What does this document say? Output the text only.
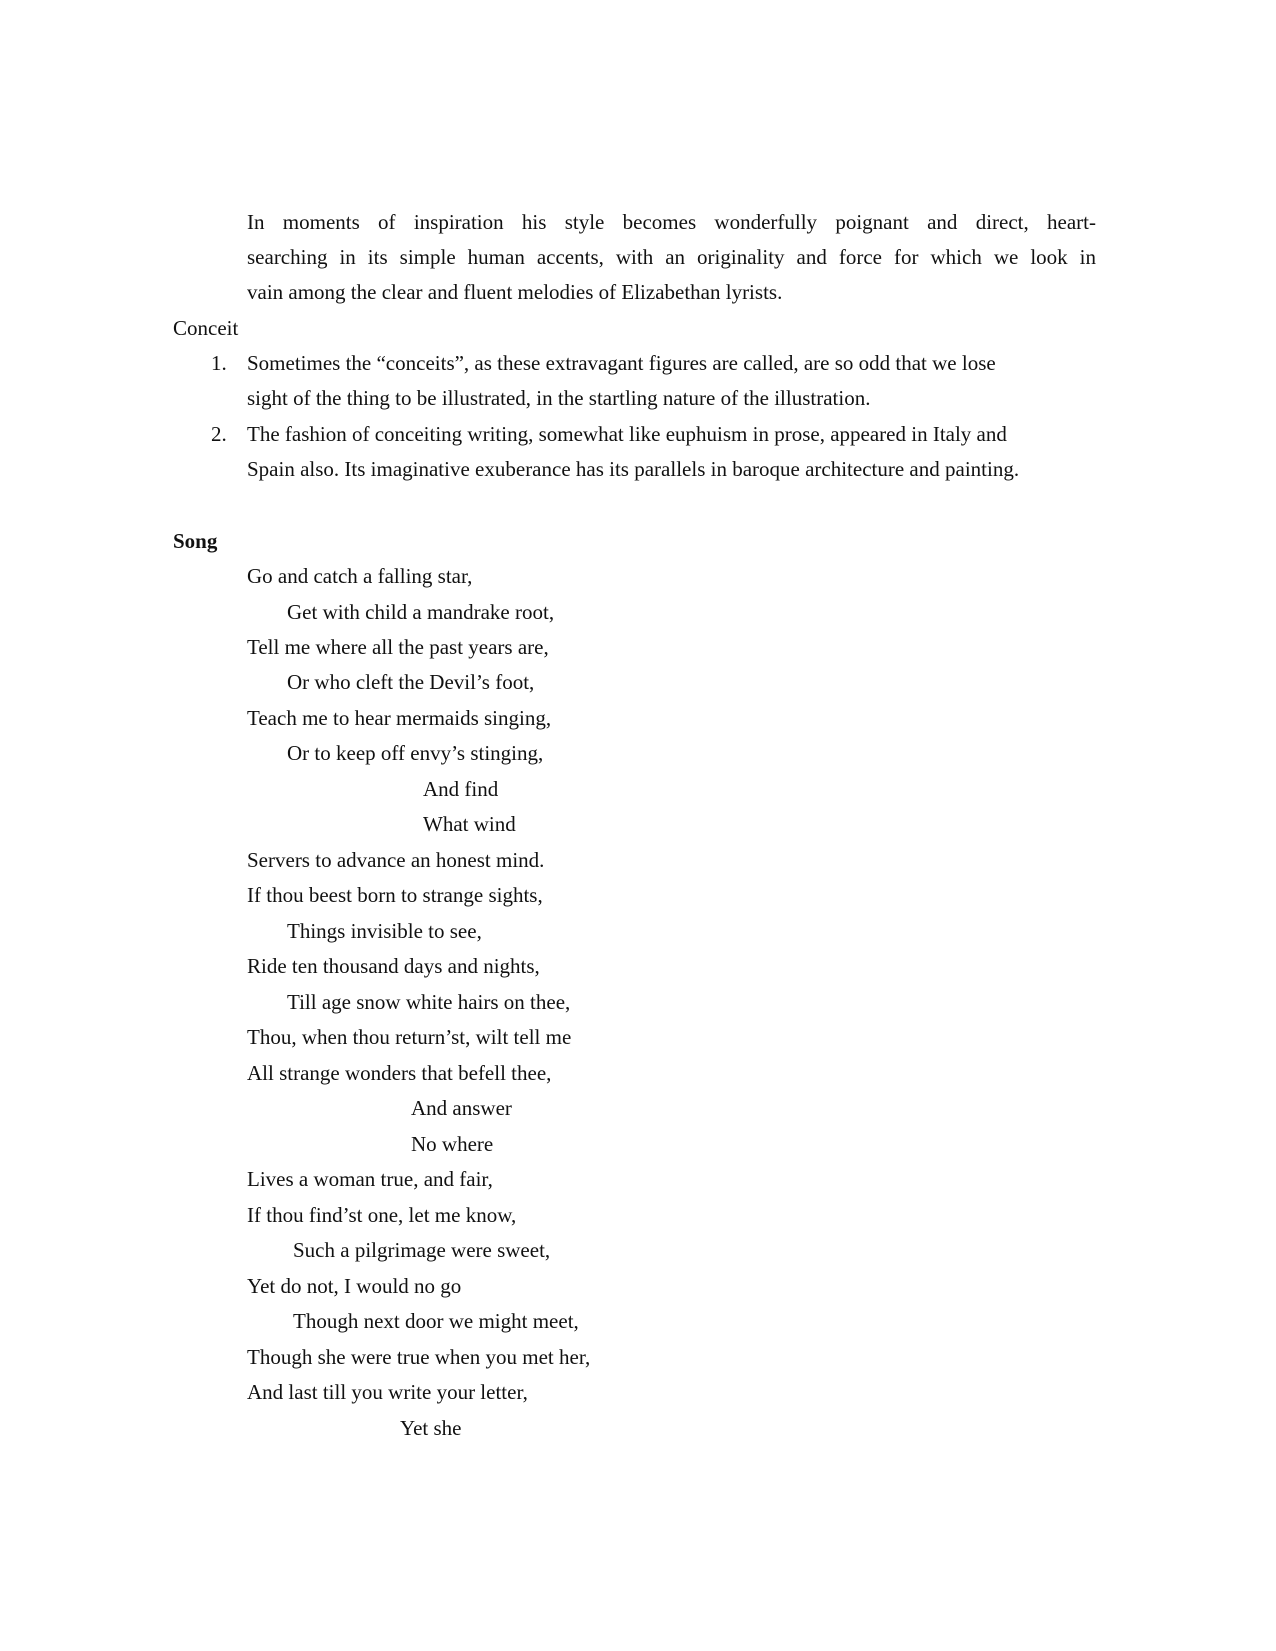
In moments of inspiration his style becomes wonderfully poignant and direct, heart-
searching in its simple human accents, with an originality and force for which we look in
vain among the clear and fluent melodies of Elizabethan lyrists.
Conceit
1. Sometimes the “conceits”, as these extravagant figures are called, are so odd that we lose
sight of the thing to be illustrated, in the startling nature of the illustration.
2. The fashion of conceiting writing, somewhat like euphuism in prose, appeared in Italy and
Spain also. Its imaginative exuberance has its parallels in baroque architecture and painting.
Song
Go and catch a falling star,
Get with child a mandrake root,
Tell me where all the past years are,
Or who cleft the Devil’s foot,
Teach me to hear mermaids singing,
Or to keep off envy’s stinging,
And find
What wind
Servers to advance an honest mind.
If thou beest born to strange sights,
Things invisible to see,
Ride ten thousand days and nights,
Till age snow white hairs on thee,
Thou, when thou return’st, wilt tell me
All strange wonders that befell thee,
And answer
No where
Lives a woman true, and fair,
If thou find’st one, let me know,
Such a pilgrimage were sweet,
Yet do not, I would no go
Though next door we might meet,
Though she were true when you met her,
And last till you write your letter,
Yet she
